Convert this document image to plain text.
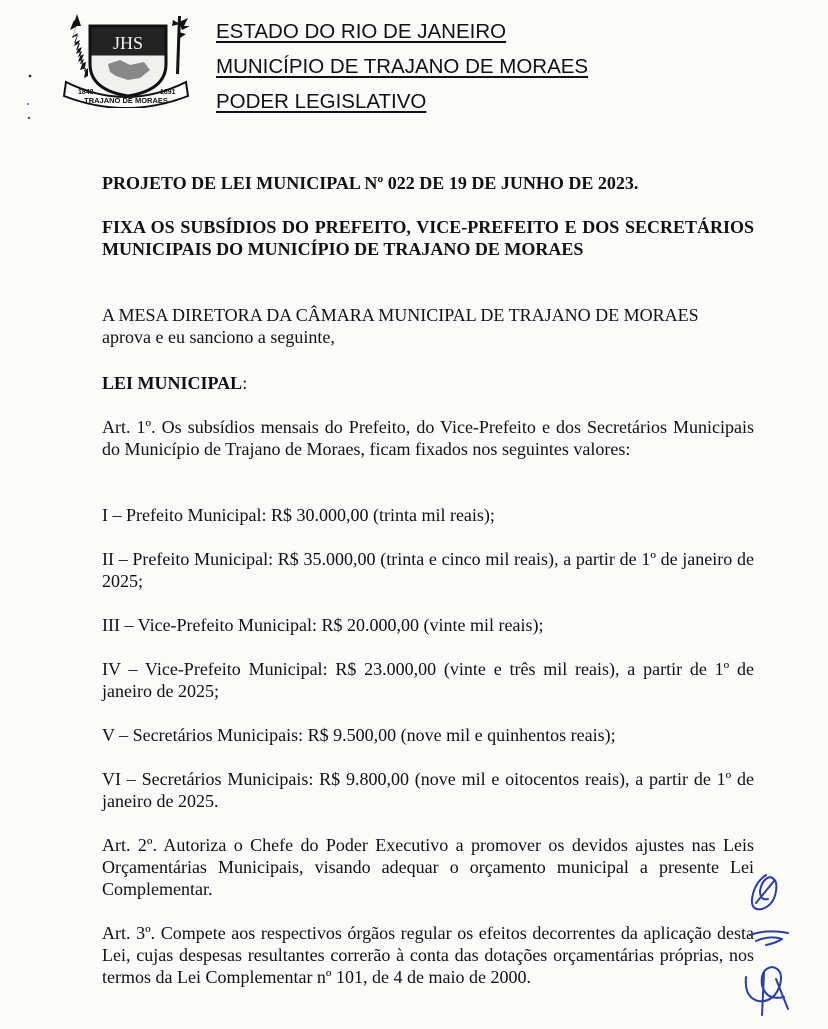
JHS
1843
TRAJANO DE MORAES
1891
ESTADO DO RIO DE JANEIRO
MUNICÍPIO DE TRAJANO DE MORAES
PODER LEGISLATIVO
PROJETO DE LEI MUNICIPAL Nº 022 DE 19 DE JUNHO DE 2023.
FIXA OS SUBSÍDIOS DO PREFEITO, VICE-PREFEITO E DOS SECRETÁRIOS MUNICIPAIS DO MUNICÍPIO DE TRAJANO DE MORAES
A MESA DIRETORA DA CÂMARA MUNICIPAL DE TRAJANO DE MORAES
aprova e eu sanciono a seguinte,
LEI MUNICIPAL:
Art. 1º. Os subsídios mensais do Prefeito, do Vice-Prefeito e dos Secretários Municipais do Município de Trajano de Moraes, ficam fixados nos seguintes valores:
I – Prefeito Municipal: R$ 30.000,00 (trinta mil reais);
II – Prefeito Municipal: R$ 35.000,00 (trinta e cinco mil reais), a partir de 1º de janeiro de 2025;
III – Vice-Prefeito Municipal: R$ 20.000,00 (vinte mil reais);
IV – Vice-Prefeito Municipal: R$ 23.000,00 (vinte e três mil reais), a partir de 1º de janeiro de 2025;
V – Secretários Municipais: R$ 9.500,00 (nove mil e quinhentos reais);
VI – Secretários Municipais: R$ 9.800,00 (nove mil e oitocentos reais), a partir de 1º de janeiro de 2025.
Art. 2º. Autoriza o Chefe do Poder Executivo a promover os devidos ajustes nas Leis Orçamentárias Municipais, visando adequar o orçamento municipal a presente Lei Complementar.
Art. 3º. Compete aos respectivos órgãos regular os efeitos decorrentes da aplicação desta Lei, cujas despesas resultantes correrão à conta das dotações orçamentárias próprias, nos termos da Lei Complementar nº 101, de 4 de maio de 2000.
